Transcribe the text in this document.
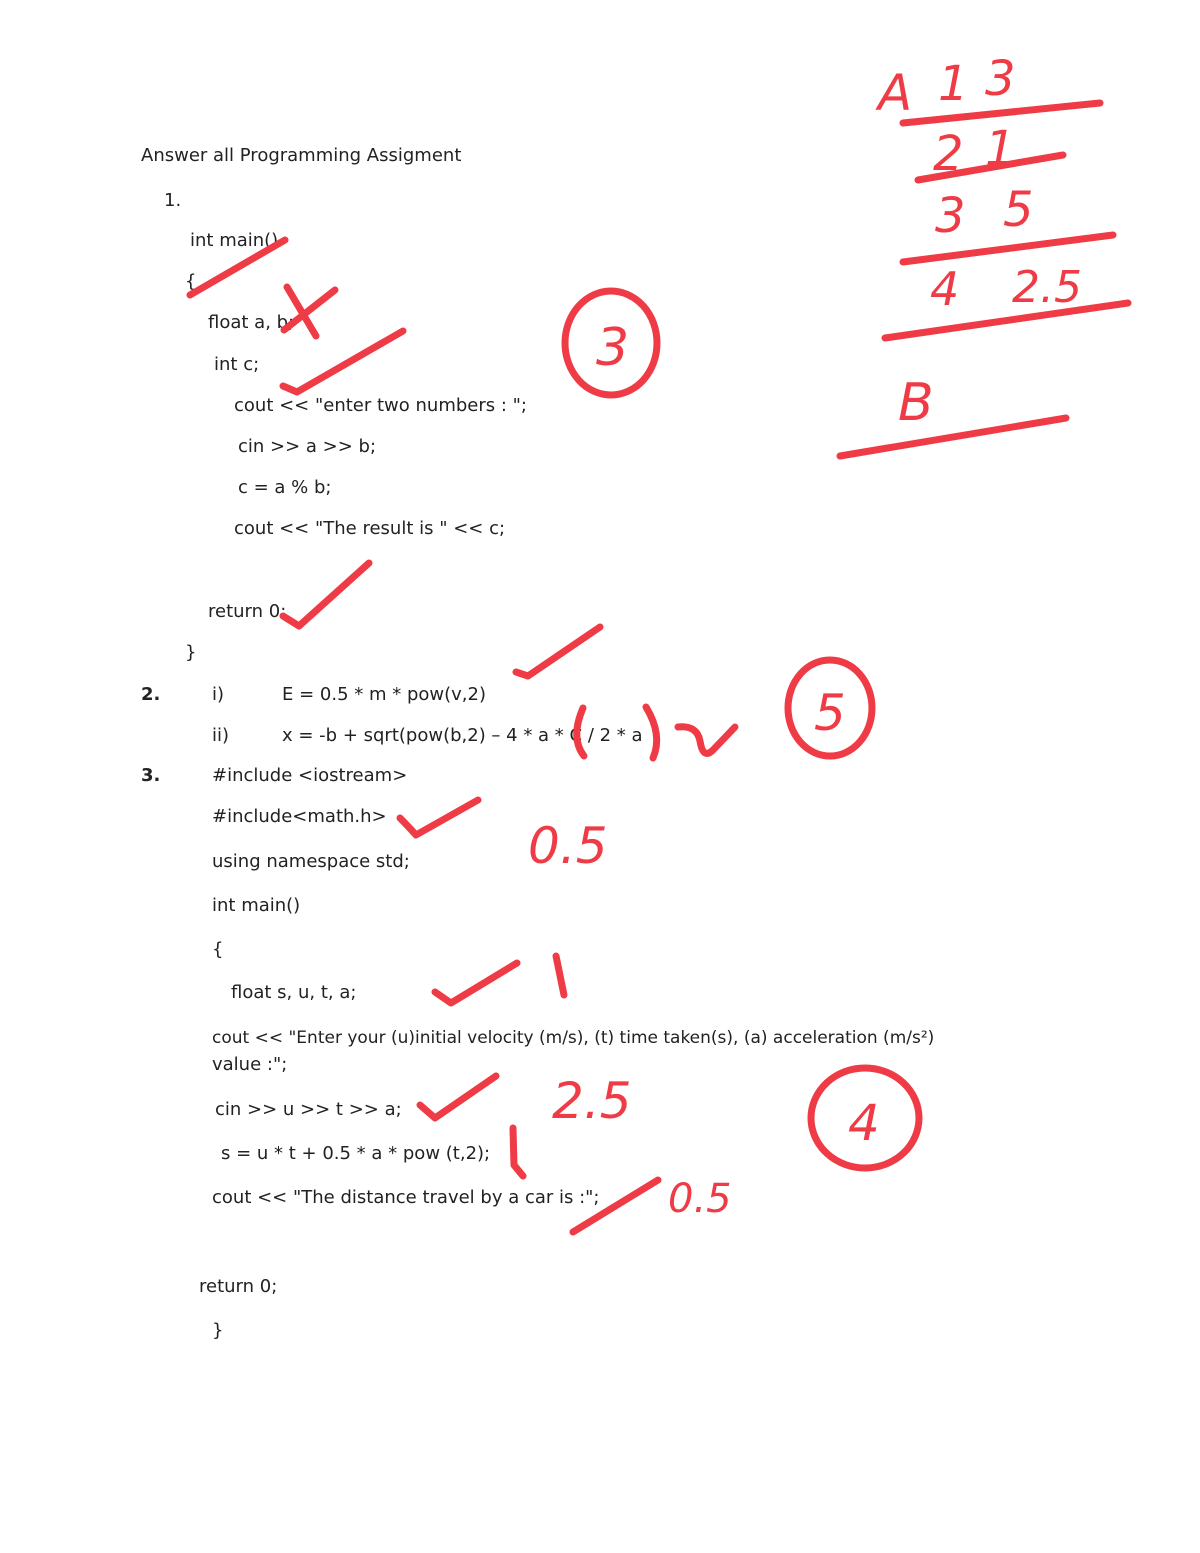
Answer all Programming Assigment
1.
int main()
{
float a, b;
int c;
cout << "enter two numbers : ";
cin >> a >> b;
c = a % b;
cout << "The result is " << c;
return 0;
}
2.	i)	E = 0.5 * m * pow(v,2)
ii)	x = -b + sqrt(pow(b,2) – 4 * a * C / 2 * a
3.	#include <iostream>
#include<math.h>
using namespace std;
int main()
{
float s, u, t, a;
cout << "Enter your (u)initial velocity (m/s), (t) time taken(s), (a) acceleration (m/s²)
value :";
cin >> u >> t >> a;
s = u * t + 0.5 * a * pow (t,2);
cout << "The distance travel by a car is :";
return 0;
}
A 1 3
2 1
3 5
4 2.5
B
3
5
4
0.5
2.5
0.5
